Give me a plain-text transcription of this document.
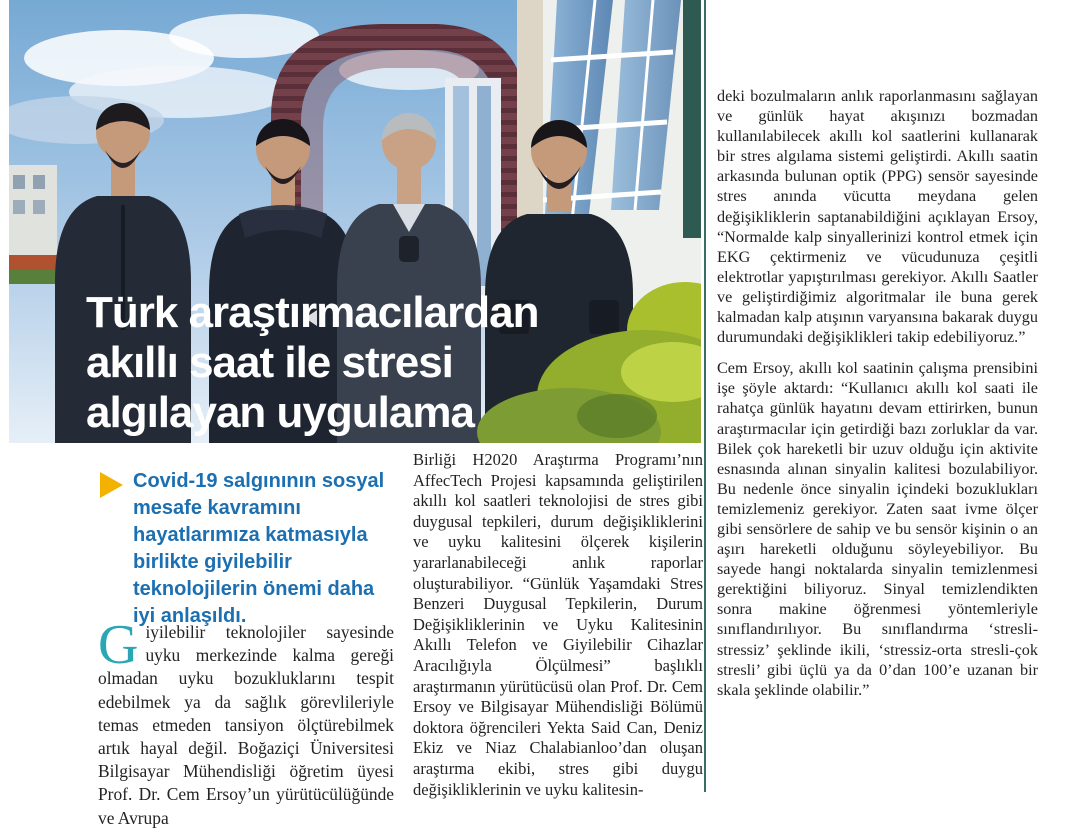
Türk araştırmacılardan
akıllı saat ile stresi
algılayan uygulama
Covid-19 salgınının sosyal mesafe kavramını hayatlarımıza katmasıyla birlikte giyilebilir teknolojilerin önemi daha iyi anlaşıldı.
Giyilebilir teknolojiler sayesinde uyku merkezinde kalma gereği olmadan uyku bozukluklarını tespit edebilmek ya da sağlık görevlileriyle temas etmeden tansiyon ölçtürebilmek artık hayal değil. Boğaziçi Üniversitesi Bilgisayar Mühendisliği öğretim üyesi Prof. Dr. Cem Ersoy’un yürütücülüğünde ve Avrupa
Birliği H2020 Araştırma Programı’nın AffecTech Projesi kapsamında geliştirilen akıllı kol saatleri teknolojisi de stres gibi duygusal tepkileri, durum değişikliklerini ve uyku kalitesini ölçerek kişilerin yararlanabileceği anlık raporlar oluşturabiliyor. “Günlük Yaşamdaki Stres Benzeri Duygusal Tepkilerin, Durum Değişikliklerinin ve Uyku Kalitesinin Akıllı Telefon ve Giyilebilir Cihazlar Aracılığıyla Ölçülmesi” başlıklı araştırmanın yürütücüsü olan Prof. Dr. Cem Ersoy ve Bilgisayar Mühendisliği Bölümü doktora öğrencileri Yekta Said Can, Deniz Ekiz ve Niaz Chalabianloo’dan oluşan araştırma ekibi, stres gibi duygu değişikliklerinin ve uyku kalitesin-

deki bozulmaların anlık raporlanmasını sağlayan ve günlük hayat akışınızı bozmadan kullanılabilecek akıllı kol saatlerini kullanarak bir stres algılama sistemi geliştirdi. Akıllı saatin arkasında bulunan optik (PPG) sensör sayesinde stres anında vücutta meydana gelen değişikliklerin saptanabildiğini açıklayan Ersoy, “Normalde kalp sinyallerinizi kontrol etmek için EKG çektirmeniz ve vücudunuza çeşitli elektrotlar yapıştırılması gerekiyor. Akıllı Saatler ve geliştirdiğimiz algoritmalar ile buna gerek kalmadan kalp atışının varyansına bakarak duygu durumundaki değişiklikleri takip edebiliyoruz.”

Cem Ersoy, akıllı kol saatinin çalışma prensibini işe şöyle aktardı: “Kullanıcı akıllı kol saati ile rahatça günlük hayatını devam ettirirken, bunun araştırmacılar için getirdiği bazı zorluklar da var. Bilek çok hareketli bir uzuv olduğu için aktivite esnasında alınan sinyalin kalitesi bozulabiliyor. Bu nedenle önce sinyalin içindeki bozuklukları temizlemeniz gerekiyor. Zaten saat ivme ölçer gibi sensörlere de sahip ve bu sensör kişinin o an aşırı hareketli olduğunu söyleyebiliyor. Bu sayede hangi noktalarda sinyalin temizlenmesi gerektiğini biliyoruz. Sinyal temizlendikten sonra makine öğrenmesi yöntemleriyle sınıflandırılıyor. Bu sınıflandırma ‘stresli-stressiz’ şeklinde ikili, ‘stressiz-orta stresli-çok stresli’ gibi üçlü ya da 0’dan 100’e uzanan bir skala şeklinde olabilir.”
